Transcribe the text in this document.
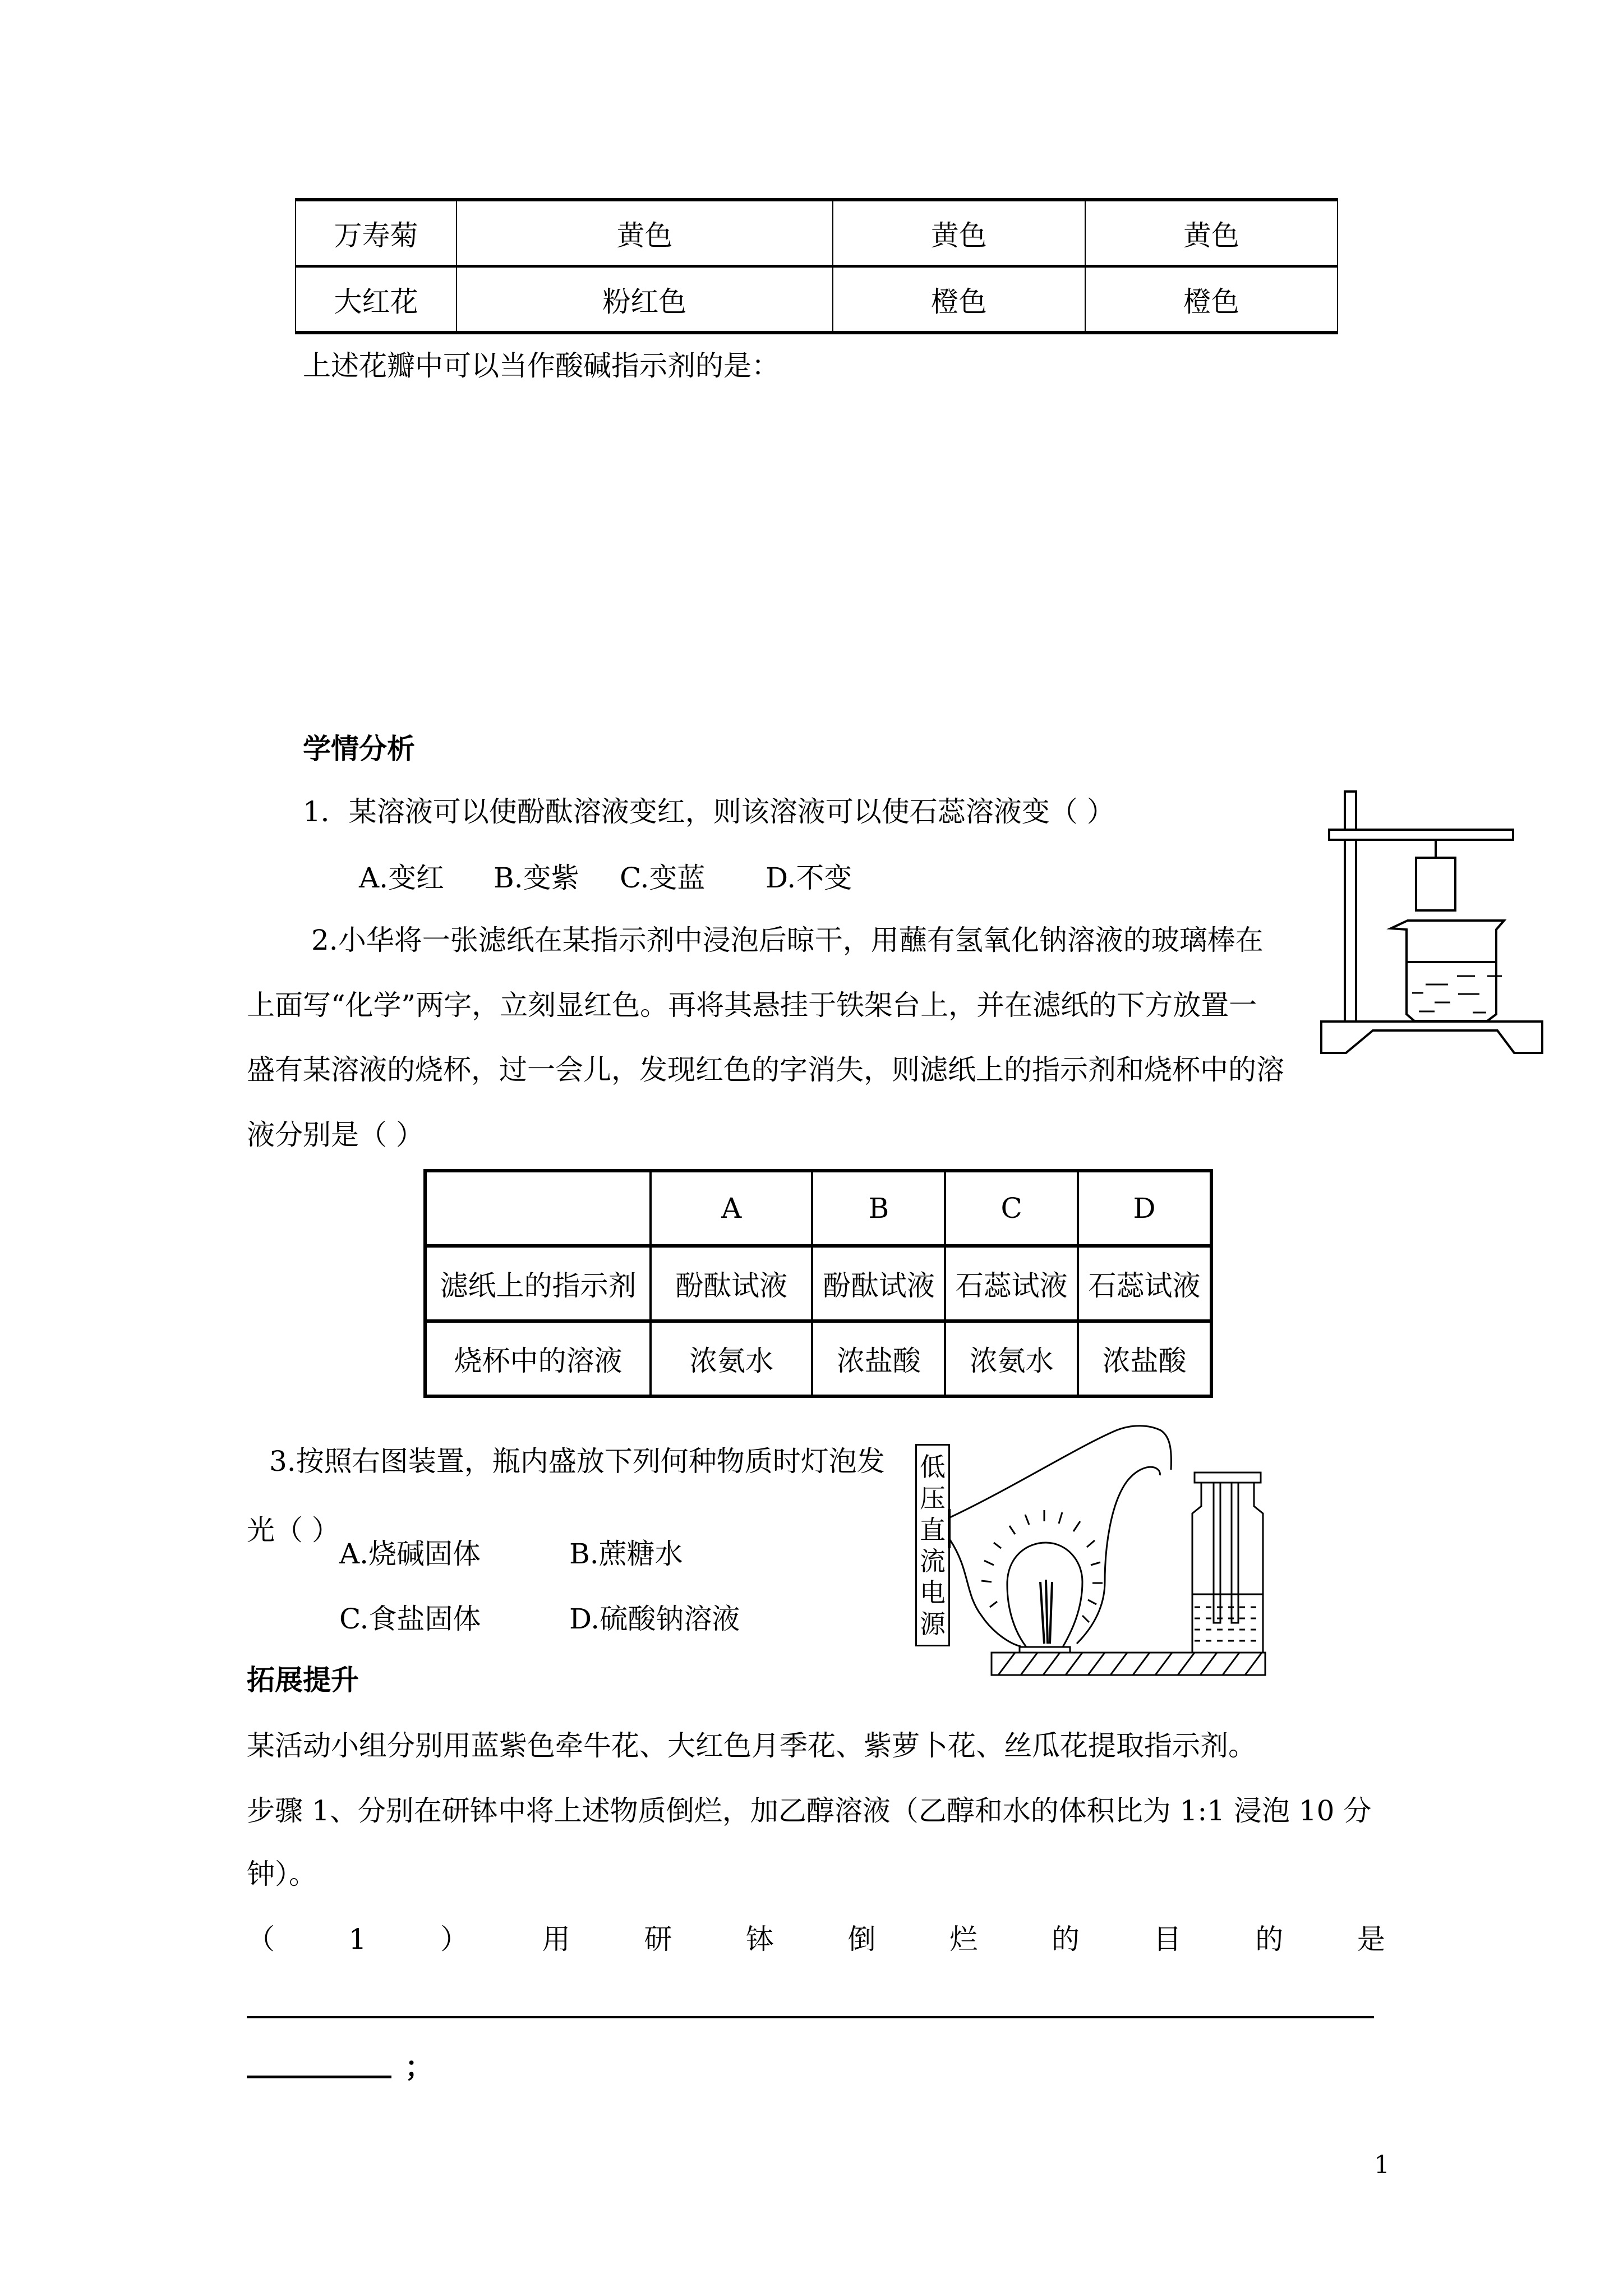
万寿菊	黄色	黄色	黄色
大红花	粉红色	橙色	橙色
上述花瓣中可以当作酸碱指示剂的是：
学情分析
1．某溶液可以使酚酞溶液变红，则该溶液可以使石蕊溶液变（ ）
A.变红 B.变紫 C.变蓝 D.不变
2.小华将一张滤纸在某指示剂中浸泡后晾干，用蘸有氢氧化钠溶液的玻璃棒在
上面写“化学”两字，立刻显红色。再将其悬挂于铁架台上，并在滤纸的下方放置一
盛有某溶液的烧杯，过一会儿，发现红色的字消失，则滤纸上的指示剂和烧杯中的溶
液分别是（ ）
	A	B	C	D
滤纸上的指示剂	酚酞试液	酚酞试液	石蕊试液	石蕊试液
烧杯中的溶液	浓氨水	浓盐酸	浓氨水	浓盐酸
3.按照右图装置，瓶内盛放下列何种物质时灯泡发
光（ ）
A.烧碱固体	B.蔗糖水
C.食盐固体	D.硫酸钠溶液
低
压
直
流
电
源
拓展提升
某活动小组分别用蓝紫色牵牛花、大红色月季花、紫萝卜花、丝瓜花提取指示剂。
步骤 1、分别在研钵中将上述物质倒烂，加乙醇溶液（乙醇和水的体积比为 1:1 浸泡 10 分
钟）。
（	1	）	用	研	钵	倒	烂	的	目	的	是
；
1
